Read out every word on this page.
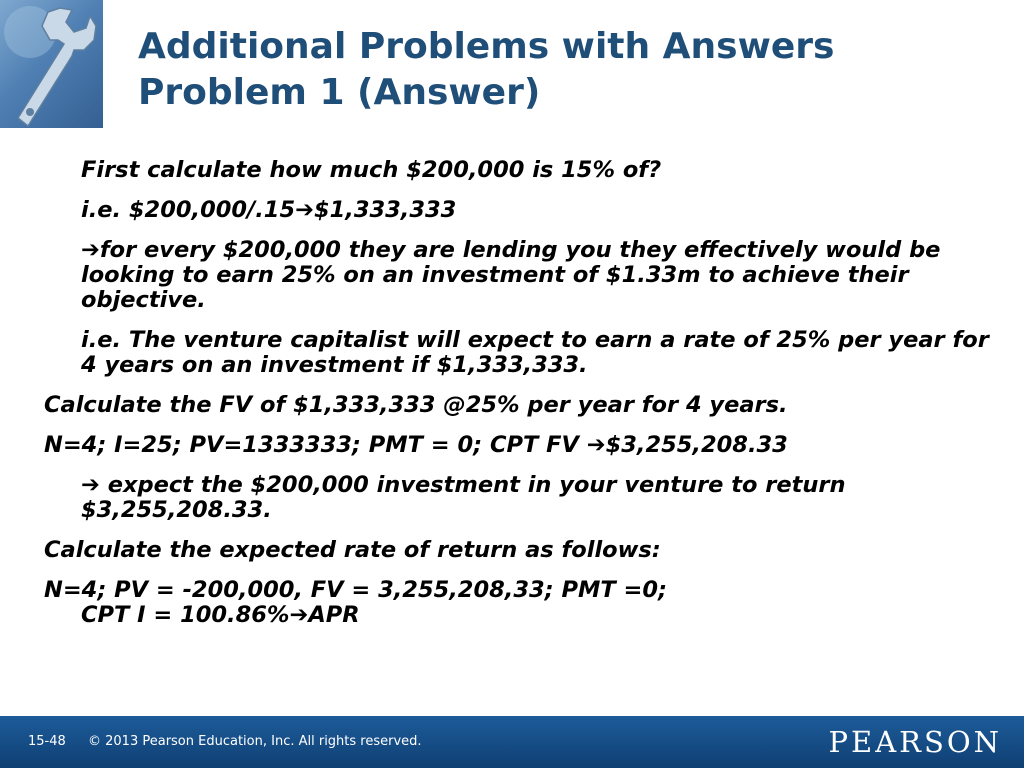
Additional Problems with Answers
Problem 1 (Answer)

First calculate how much $200,000 is 15% of?

i.e. $200,000/.15➔$1,333,333

➔for every $200,000 they are lending you they effectively would be looking to earn 25% on an investment of $1.33m to achieve their objective.

i.e. The venture capitalist will expect to earn a rate of 25% per year for 4 years on an investment if $1,333,333.

Calculate the FV of $1,333,333 @25% per year for 4 years.

N=4; I=25; PV=1333333; PMT = 0; CPT FV ➔$3,255,208.33

➔ expect the $200,000 investment in your venture to return $3,255,208.33.

Calculate the expected rate of return as follows:

N=4; PV = -200,000, FV = 3,255,208,33; PMT =0;
CPT I = 100.86%➔APR

15-48 © 2013 Pearson Education, Inc. All rights reserved.	PEARSON
